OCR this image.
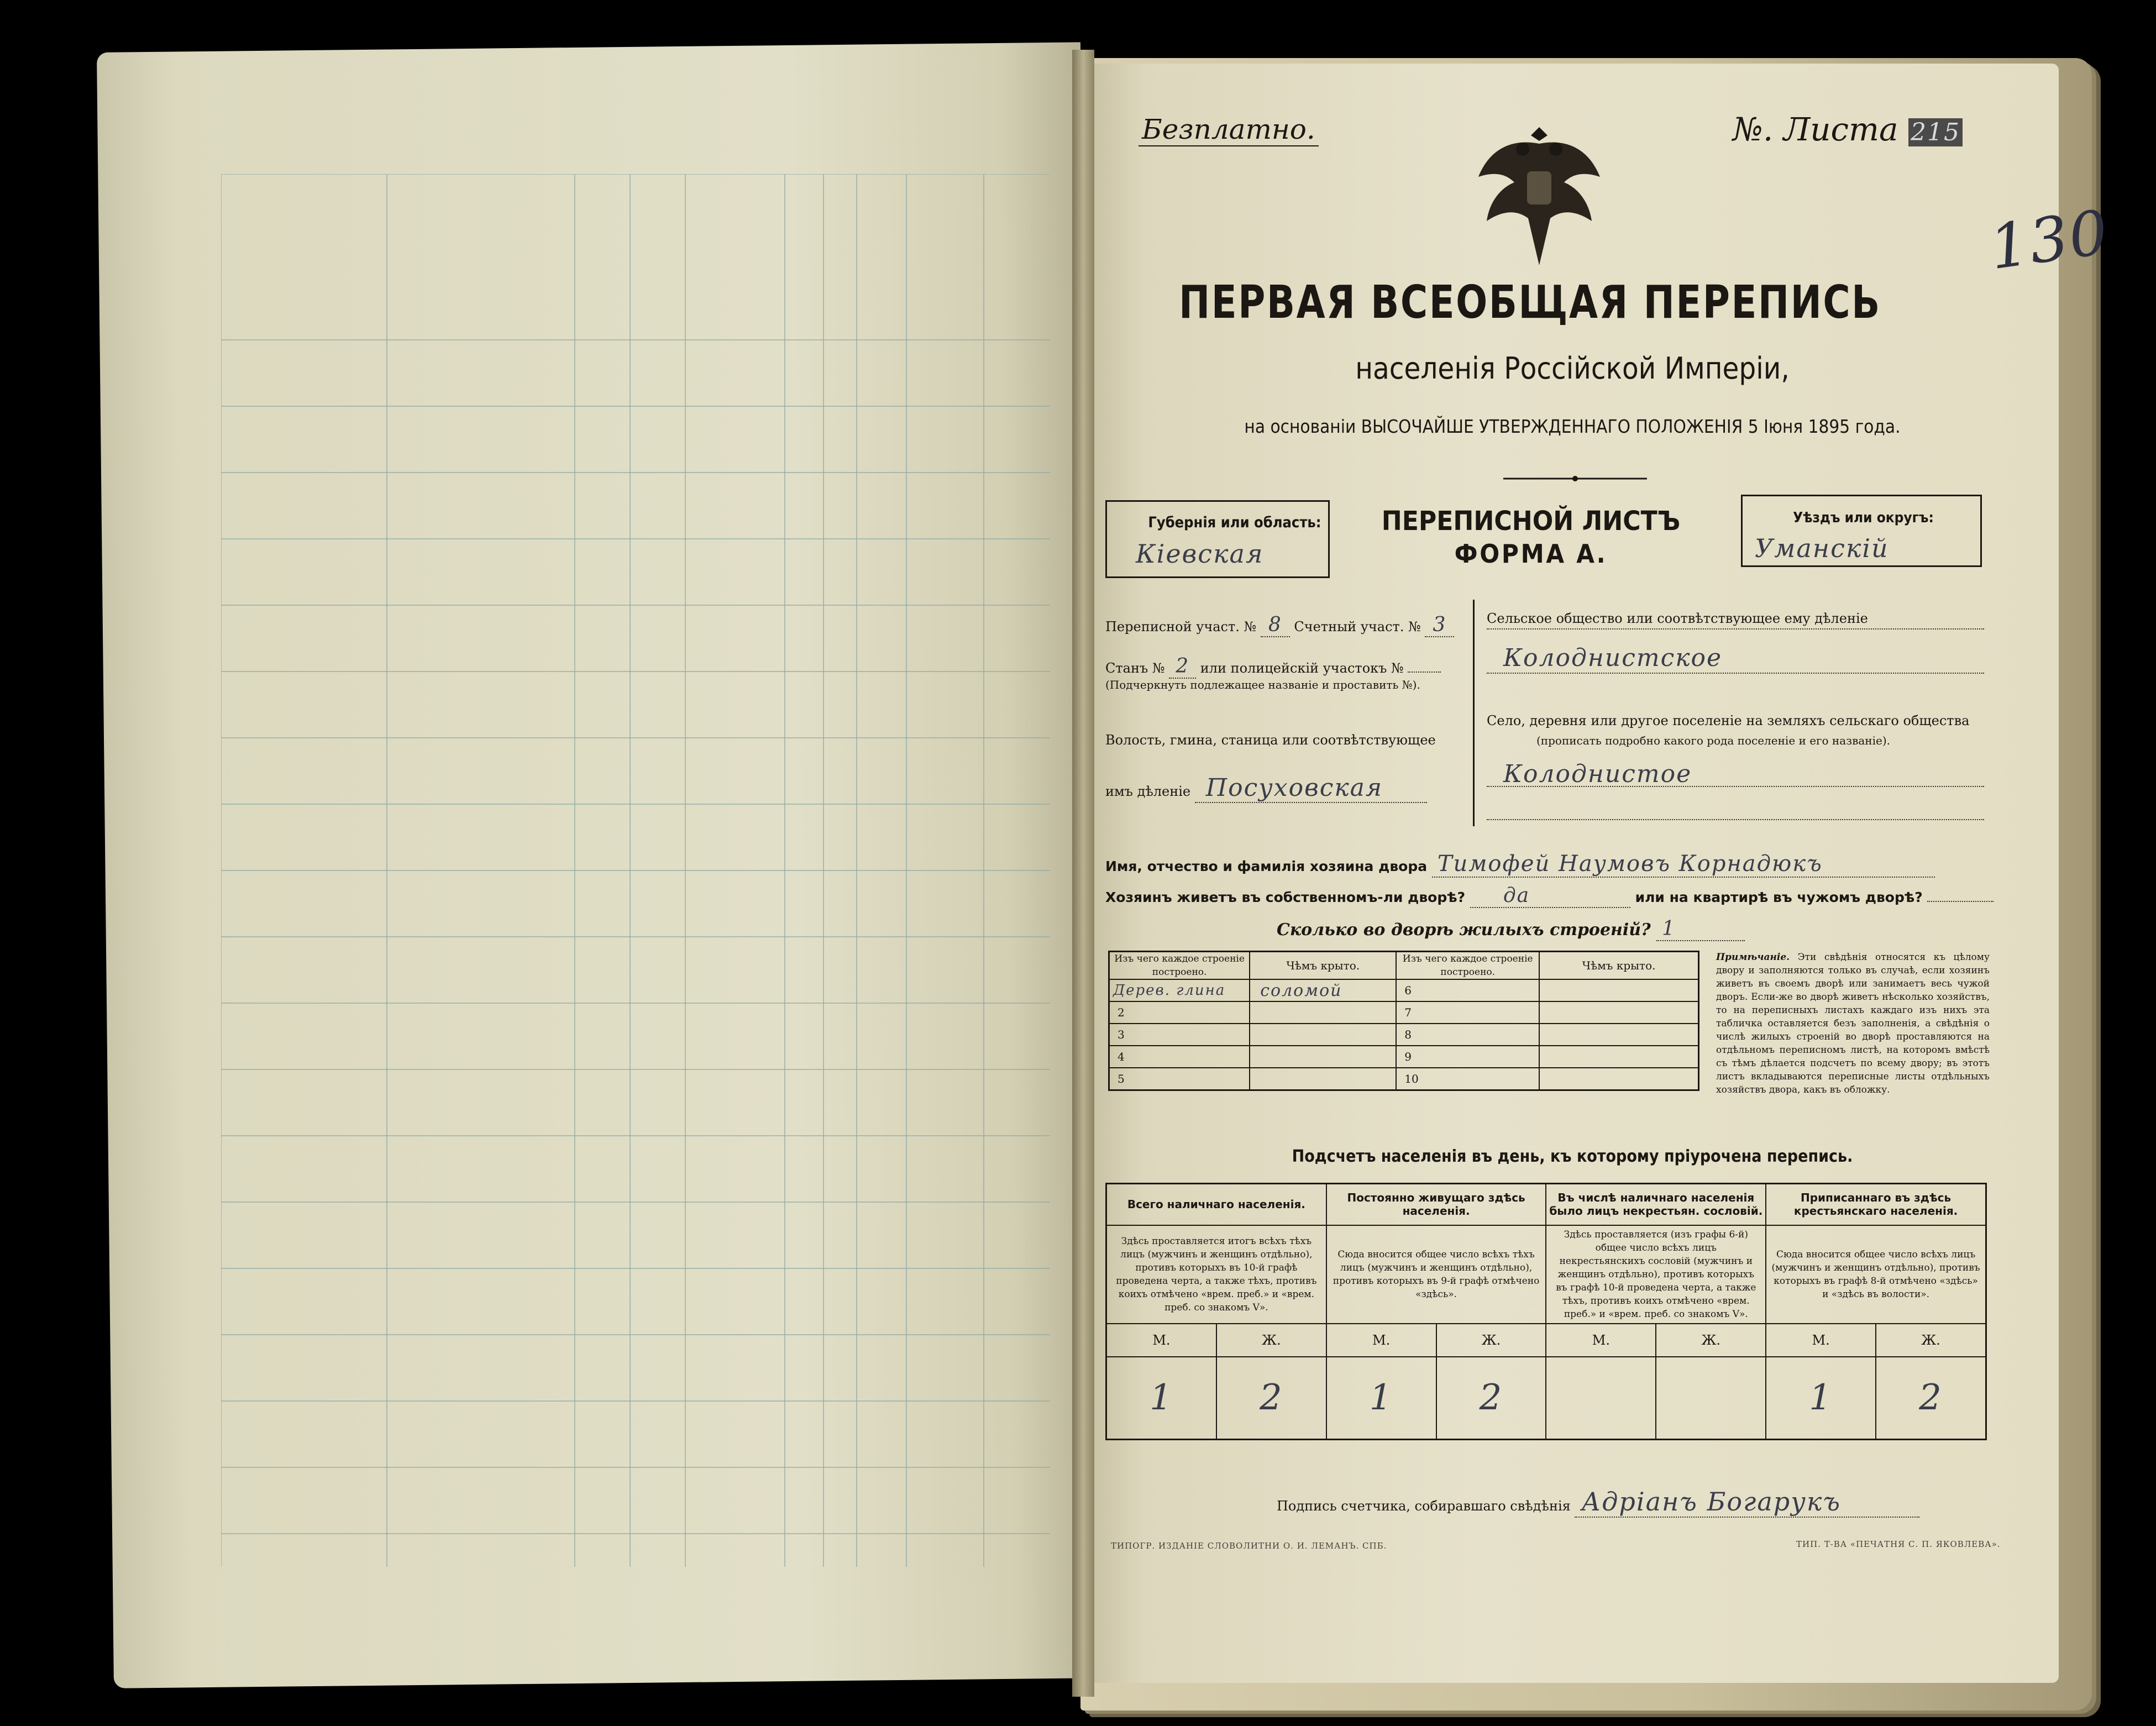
Безплатно.	№. Листа 215
130
ПЕРВАЯ ВСЕОБЩАЯ ПЕРЕПИСЬ
населенія Россійской Имперіи,
на основаніи ВЫСОЧАЙШЕ УТВЕРЖДЕННАГО ПОЛОЖЕНІЯ 5 Іюня 1895 года.
Губернія или область:
Кіевская
ПЕРЕПИСНОЙ ЛИСТЪ
ФОРМА А.
Уѣздъ или округъ:
Уманскій
Переписной участ. № 8 Счетный участ. № 3
Станъ № 2 или полицейскій участокъ №
(Подчеркнуть подлежащее названіе и проставить №).
Волость, гмина, станица или соотвѣтствующее
имъ дѣленіе Посуховская
Сельское общество или соотвѣтствующее ему дѣленіе
Колоднистское
Село, деревня или другое поселеніе на земляхъ сельскаго общества
(прописать подробно какого рода поселеніе и его названіе).
Колоднистое
Имя, отчество и фамилія хозяина двора Тимофей Наумовъ Корнадюкъ
Хозяинъ живетъ въ собственномъ-ли дворѣ? да	или на квартирѣ въ чужомъ дворѣ?
Сколько во дворѣ жилыхъ строеній? 1
Изъ чего каждое строеніе построено.	Чѣмъ крыто.	Изъ чего каждое строеніе построено.	Чѣмъ крыто.
Дерев. глина	соломой	6	
2		7	
3		8	
4		9	
5		10	
Примѣчаніе. Эти свѣдѣнія относятся къ цѣлому двору и заполняются только въ случаѣ, если хозяинъ живетъ въ своемъ дворѣ или занимаетъ весь чужой дворъ. Если-же во дворѣ живетъ нѣсколько хозяйствъ, то на переписныхъ листахъ каждаго изъ нихъ эта табличка оставляется безъ заполненія, а свѣдѣнія о числѣ жилыхъ строеній во дворѣ проставляются на отдѣльномъ переписномъ листѣ, на которомъ вмѣстѣ съ тѣмъ дѣлается подсчетъ по всему двору; въ этотъ листъ вкладываются переписные листы отдѣльныхъ хозяйствъ двора, какъ въ обложку.
Подсчетъ населенія въ день, къ которому пріурочена перепись.
Всего наличнаго населенія.		Постоянно живущаго здѣсь населенія.		Въ числѣ наличнаго населенія было лицъ некрестьян. сословій.		Приписаннаго въ здѣсь крестьянскаго населенія.	
Здѣсь проставляется итогъ всѣхъ тѣхъ лицъ (мужчинъ и женщинъ отдѣльно), противъ которыхъ въ 10-й графѣ проведена черта, а также тѣхъ, противъ коихъ отмѣчено «врем. преб.» и «врем. преб. со знакомъ V».		Сюда вносится общее число всѣхъ тѣхъ лицъ (мужчинъ и женщинъ отдѣльно), противъ которыхъ въ 9-й графѣ отмѣчено «здѣсь».		Здѣсь проставляется (изъ графы 6-й) общее число всѣхъ лицъ некрестьянскихъ сословій (мужчинъ и женщинъ отдѣльно), противъ которыхъ въ графѣ 10-й проведена черта, а также тѣхъ, противъ коихъ отмѣчено «врем. преб.» и «врем. преб. со знакомъ V».		Сюда вносится общее число всѣхъ лицъ (мужчинъ и женщинъ отдѣльно), противъ которыхъ въ графѣ 8-й отмѣчено «здѣсь» и «здѣсь въ волости».	
М.	Ж.	М.	Ж.	М.	Ж.	М.	Ж.
1	2	1	2			1	2
Подпись счетчика, собиравшаго свѣдѣнія Адріанъ Богарукъ
ТИПОГР. ИЗДАНІЕ СЛОВОЛИТНИ О. И. ЛЕМАНЪ. СПБ.	ТИП. Т-ВА «ПЕЧАТНЯ С. П. ЯКОВЛЕВА».
